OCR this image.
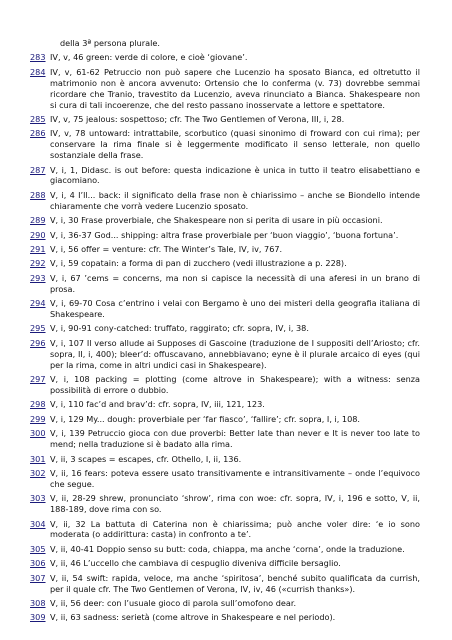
della 3ª persona plurale.
283 IV, v, 46 green: verde di colore, e cioè ‘giovane’.
284 IV, v, 61-62 Petruccio non può sapere che Lucenzio ha sposato Bianca, ed oltretutto il matrimonio non è ancora avvenuto: Ortensio che lo conferma (v. 73) dovrebbe semmai ricordare che Tranio, travestito da Lucenzio, aveva rinunciato a Bianca. Shakespeare non si cura di tali incoerenze, che del resto passano inosservate a lettore e spettatore.
285 IV, v, 75 jealous: sospettoso; cfr. The Two Gentlemen of Verona, III, i, 28.
286 IV, v, 78 untoward: intrattabile, scorbutico (quasi sinonimo di froward con cui rima); per conservare la rima finale si è leggermente modificato il senso letterale, non quello sostanziale della frase.
287 V, i, 1, Didasc. is out before: questa indicazione è unica in tutto il teatro elisabettiano e giacomiano.
288 V, i, 4 I’ll... back: il significato della frase non è chiarissimo – anche se Biondello intende chiaramente che vorrà vedere Lucenzio sposato.
289 V, i, 30 Frase proverbiale, che Shakespeare non si perita di usare in più occasioni.
290 V, i, 36-37 God... shipping: altra frase proverbiale per ‘buon viaggio’, ‘buona fortuna’.
291 V, i, 56 offer = venture: cfr. The Winter’s Tale, IV, iv, 767.
292 V, i, 59 copatain: a forma di pan di zucchero (vedi illustrazione a p. 228).
293 V, i, 67 ’cems = concerns, ma non si capisce la necessità di una aferesi in un brano di prosa.
294 V, i, 69-70 Cosa c’entrino i velai con Bergamo è uno dei misteri della geografia italiana di Shakespeare.
295 V, i, 90-91 cony-catched: truffato, raggirato; cfr. sopra, IV, i, 38.
296 V, i, 107 Il verso allude ai Supposes di Gascoine (traduzione de I suppositi dell’Ariosto; cfr. sopra, II, i, 400); bleer’d: offuscavano, annebbiavano; eyne è il plurale arcaico di eyes (qui per la rima, come in altri undici casi in Shakespeare).
297 V, i, 108 packing = plotting (come altrove in Shakespeare); with a witness: senza possibilità di errore o dubbio.
298 V, i, 110 fac’d and brav’d: cfr. sopra, IV, iii, 121, 123.
299 V, i, 129 My... dough: proverbiale per ‘far fiasco’, ‘fallire’; cfr. sopra, I, i, 108.
300 V, i, 139 Petruccio gioca con due proverbi: Better late than never e It is never too late to mend; nella traduzione si è badato alla rima.
301 V, ii, 3 scapes = escapes, cfr. Othello, I, ii, 136.
302 V, ii, 16 fears: poteva essere usato transitivamente e intransitivamente – onde l’equivoco che segue.
303 V, ii, 28-29 shrew, pronunciato ‘shrow’, rima con woe: cfr. sopra, IV, i, 196 e sotto, V, ii, 188-189, dove rima con so.
304 V, ii, 32 La battuta di Caterina non è chiarissima; può anche voler dire: ‘e io sono moderata (o addirittura: casta) in confronto a te’.
305 V, ii, 40-41 Doppio senso su butt: coda, chiappa, ma anche ‘corna’, onde la traduzione.
306 V, ii, 46 L’uccello che cambiava di cespuglio diveniva difficile bersaglio.
307 V, ii, 54 swift: rapida, veloce, ma anche ‘spiritosa’, benché subito qualificata da currish, per il quale cfr. The Two Gentlemen of Verona, IV, iv, 46 («currish thanks»).
308 V, ii, 56 deer: con l’usuale gioco di parola sull’omofono dear.
309 V, ii, 63 sadness: serietà (come altrove in Shakespeare e nel periodo).
